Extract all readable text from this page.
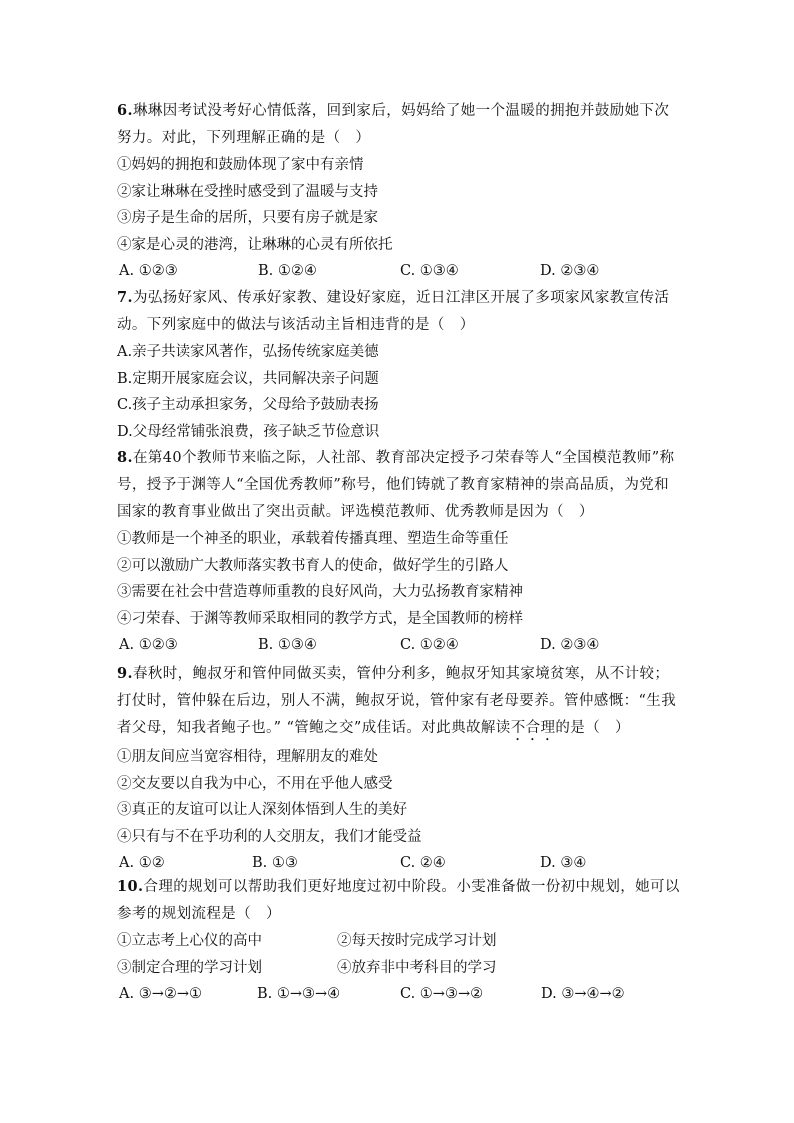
6.琳琳因考试没考好心情低落，回到家后，妈妈给了她一个温暖的拥抱并鼓励她下次努力。对此，下列理解正确的是（　）

①妈妈的拥抱和鼓励体现了家中有亲情

②家让琳琳在受挫时感受到了温暖与支持

③房子是生命的居所，只要有房子就是家

④家是心灵的港湾，让琳琳的心灵有所依托

A. ①②③	B. ①②④	C. ①③④	D. ②③④

7.为弘扬好家风、传承好家教、建设好家庭，近日江津区开展了多项家风家教宣传活动。下列家庭中的做法与该活动主旨相违背的是（　）

A.亲子共读家风著作，弘扬传统家庭美德

B.定期开展家庭会议，共同解决亲子问题

C.孩子主动承担家务，父母给予鼓励表扬

D.父母经常铺张浪费，孩子缺乏节俭意识

8.在第40个教师节来临之际，人社部、教育部决定授予刁荣春等人“全国模范教师”称号，授予于渊等人“全国优秀教师”称号，他们铸就了教育家精神的崇高品质，为党和国家的教育事业做出了突出贡献。评选模范教师、优秀教师是因为（　）

①教师是一个神圣的职业，承载着传播真理、塑造生命等重任

②可以激励广大教师落实教书育人的使命，做好学生的引路人

③需要在社会中营造尊师重教的良好风尚，大力弘扬教育家精神

④刁荣春、于渊等教师采取相同的教学方式，是全国教师的榜样

A. ①②③	B. ①③④	C. ①②④	D. ②③④

9.春秋时，鲍叔牙和管仲同做买卖，管仲分利多，鲍叔牙知其家境贫寒，从不计较；打仗时，管仲躲在后边，别人不满，鲍叔牙说，管仲家有老母要养。管仲感慨：“生我者父母，知我者鲍子也。” “管鲍之交”成佳话。对此典故解读不合理的是（　）

①朋友间应当宽容相待，理解朋友的难处

②交友要以自我为中心，不用在乎他人感受

③真正的友谊可以让人深刻体悟到人生的美好

④只有与不在乎功利的人交朋友，我们才能受益

A. ①②	B. ①③	C. ②④	D. ③④

10.合理的规划可以帮助我们更好地度过初中阶段。小雯准备做一份初中规划，她可以参考的规划流程是（　）

①立志考上心仪的高中	②每天按时完成学习计划
③制定合理的学习计划	④放弃非中考科目的学习
A. ③→②→①	B. ①→③→④	C. ①→③→②	D. ③→④→②
